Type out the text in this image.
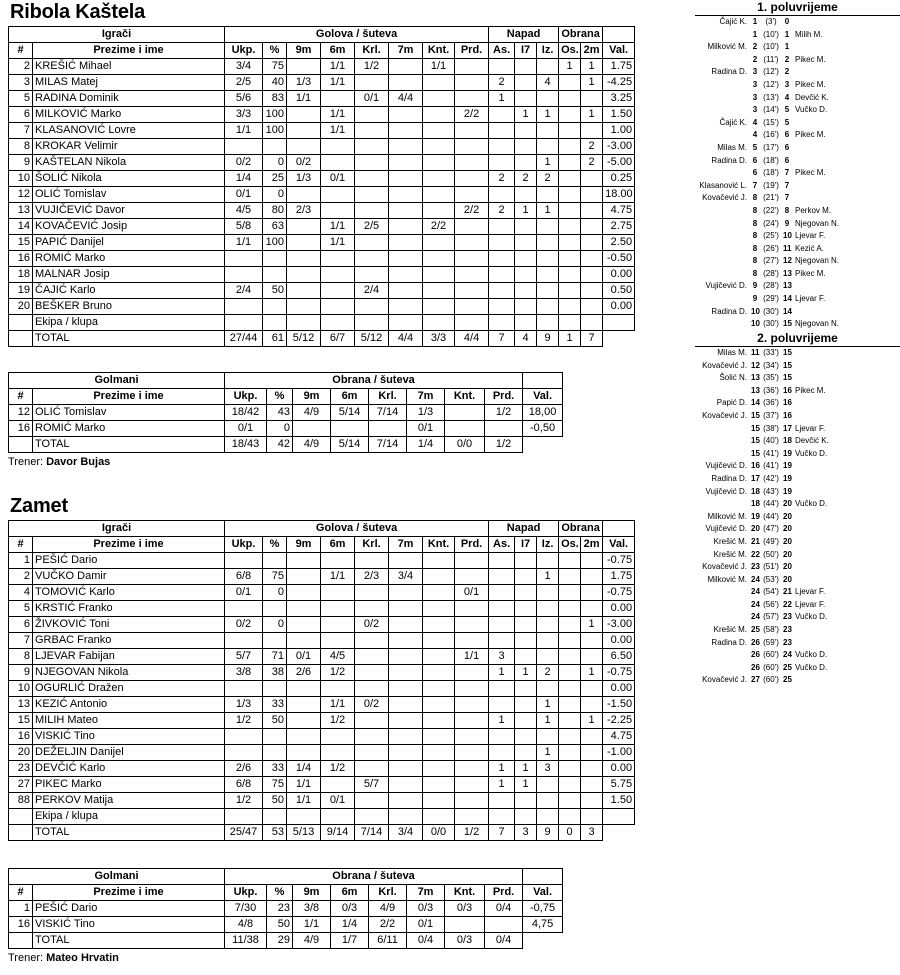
Ribola Kaštela
Igrači		Golova / šuteva								Napad			Obrana		
#	Prezime i ime	Ukp.	%	9m	6m	Krl.	7m	Knt.	Prd.	As.	I7	Iz.	Os.	2m	Val.
2	KREŠIĆ Mihael	3/4	75		1/1	1/2		1/1					1	1	1.75
3	MILAS Matej	2/5	40	1/3	1/1					2		4		1	-4.25
5	RADINA Dominik	5/6	83	1/1		0/1	4/4			1					3.25
6	MILKOVIĆ Marko	3/3	100		1/1				2/2		1	1		1	1.50
7	KLASANOVIĆ Lovre	1/1	100		1/1										1.00
8	KROKAR Velimir													2	-3.00
9	KAŠTELAN Nikola	0/2	0	0/2								1		2	-5.00
10	ŠOLIĆ Nikola	1/4	25	1/3	0/1					2	2	2			0.25
12	OLIĆ Tomislav	0/1	0												18.00
13	VUJIČEVIĆ Davor	4/5	80	2/3					2/2	2	1	1			4.75
14	KOVAČEVIĆ Josip	5/8	63		1/1	2/5		2/2							2.75
15	PAPIĆ Danijel	1/1	100		1/1										2.50
16	ROMIĆ Marko														-0.50
18	MALNAR Josip														0.00
19	ČAJIĆ Karlo	2/4	50			2/4									0.50
20	BEŠKER Bruno														0.00
	Ekipa / klupa														
	TOTAL	27/44	61	5/12	6/7	5/12	4/4	3/3	4/4	7	4	9	1	7	
Golmani		Obrana / šuteva								
#	Prezime i ime	Ukp.	%	9m	6m	Krl.	7m	Knt.	Prd.	Val.
12	OLIĆ Tomislav	18/42	43	4/9	5/14	7/14	1/3		1/2	18,00
16	ROMIĆ Marko	0/1	0				0/1			-0,50
	TOTAL	18/43	42	4/9	5/14	7/14	1/4	0/0	1/2	
Trener: Davor Bujas
Zamet
Igrači		Golova / šuteva								Napad			Obrana		
#	Prezime i ime	Ukp.	%	9m	6m	Krl.	7m	Knt.	Prd.	As.	I7	Iz.	Os.	2m	Val.
1	PEŠIĆ Dario														-0.75
2	VUČKO Damir	6/8	75		1/1	2/3	3/4					1			1.75
4	TOMOVIĆ Karlo	0/1	0						0/1						-0.75
5	KRSTIĆ Franko														0.00
6	ŽIVKOVIĆ Toni	0/2	0			0/2								1	-3.00
7	GRBAC Franko														0.00
8	LJEVAR Fabijan	5/7	71	0/1	4/5				1/1	3					6.50
9	NJEGOVAN Nikola	3/8	38	2/6	1/2					1	1	2		1	-0.75
10	OGURLIĆ Dražen														0.00
13	KEZIĆ Antonio	1/3	33		1/1	0/2						1			-1.50
15	MILIH Mateo	1/2	50		1/2					1		1		1	-2.25
16	VISKIĆ Tino														4.75
20	DEŽELJIN Danijel											1			-1.00
23	DEVČIĆ Karlo	2/6	33	1/4	1/2					1	1	3			0.00
27	PIKEC Marko	6/8	75	1/1		5/7				1	1				5.75
88	PERKOV Matija	1/2	50	1/1	0/1										1.50
	Ekipa / klupa														
	TOTAL	25/47	53	5/13	9/14	7/14	3/4	0/0	1/2	7	3	9	0	3	
Golmani		Obrana / šuteva								
#	Prezime i ime	Ukp.	%	9m	6m	Krl.	7m	Knt.	Prd.	Val.
1	PEŠIĆ Dario	7/30	23	3/8	0/3	4/9	0/3	0/3	0/4	-0,75
16	VISKIĆ Tino	4/8	50	1/1	1/4	2/2	0/1			4,75
	TOTAL	11/38	29	4/9	1/7	6/11	0/4	0/3	0/4	
Trener: Mateo Hrvatin
1. poluvrijeme
Čajić K. 1	(3')	0
1 (10') 1 Milih M.
Milković M. 2 (10') 1
2 (11') 2 Pikec M.
Radina D. 3 (12') 2
3 (12') 3 Pikec M.
3 (13') 4 Devčić K.
3 (14') 5 Vučko D.
Čajić K. 4 (15') 5
4 (16') 6 Pikec M.
Milas M. 5 (17') 6
Radina D. 6 (18') 6
6 (18') 7 Pikec M.
Klasanović L. 7 (19') 7
Kovačević J. 8 (21') 7
8 (22') 8 Perkov M.
8 (24') 9 Njegovan N.
8 (25') 10 Ljevar F.
8 (26') 11 Kezić A.
8 (27') 12 Njegovan N.
8 (28') 13 Pikec M.
Vujičević D. 9 (28') 13
9 (29') 14 Ljevar F.
Radina D. 10 (30') 14
10 (30') 15 Njegovan N.
2. poluvrijeme
Milas M. 11 (33') 15
Kovačević J. 12 (34') 15
Šolić N. 13 (35') 15
13 (36') 16 Pikec M.
Papić D. 14 (36') 16
Kovačević J. 15 (37') 16
15 (38') 17 Ljevar F.
15 (40') 18 Devčić K.
15 (41') 19 Vučko D.
Vujičević D. 16 (41') 19
Radina D. 17 (42') 19
Vujičević D. 18 (43') 19
18 (44') 20 Vučko D.
Milković M. 19 (44') 20
Vujičević D. 20 (47') 20
Krešić M. 21 (49') 20
Krešić M. 22 (50') 20
Kovačević J. 23 (51') 20
Milković M. 24 (53') 20
24 (54') 21 Ljevar F.
24 (56') 22 Ljevar F.
24 (57') 23 Vučko D.
Krešić M. 25 (58') 23
Radina D. 26 (59') 23
26 (60') 24 Vučko D.
26 (60') 25 Vučko D.
Kovačević J. 27 (60') 25
